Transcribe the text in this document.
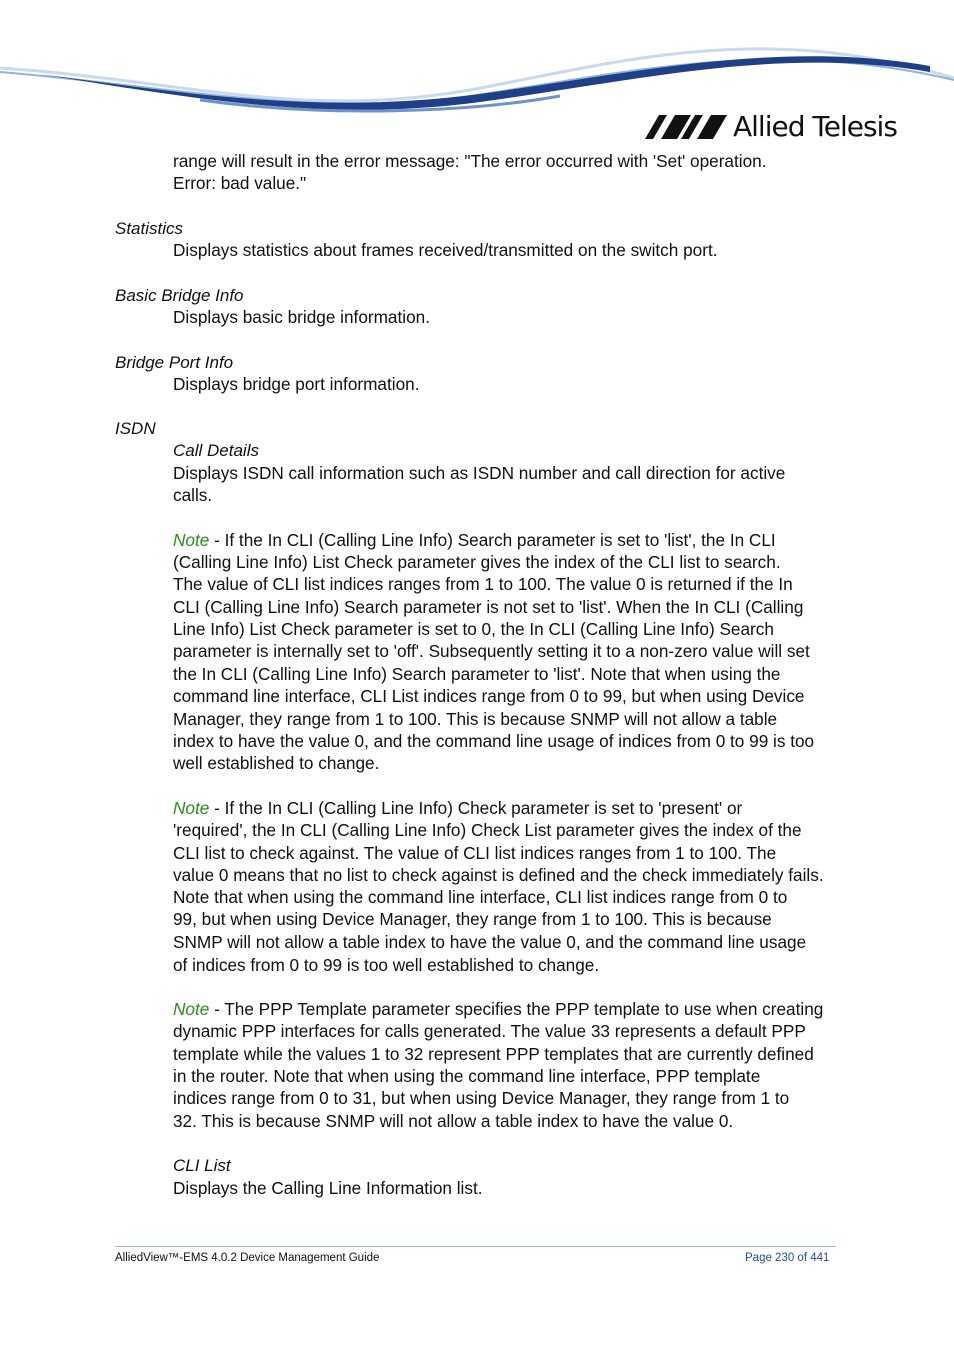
Allied Telesis
range will result in the error message: "The error occurred with 'Set' operation.
Error: bad value."
Statistics
Displays statistics about frames received/transmitted on the switch port.
Basic Bridge Info
Displays basic bridge information.
Bridge Port Info
Displays bridge port information.
ISDN
Call Details
Displays ISDN call information such as ISDN number and call direction for active
calls.
Note - If the In CLI (Calling Line Info) Search parameter is set to 'list', the In CLI
(Calling Line Info) List Check parameter gives the index of the CLI list to search.
The value of CLI list indices ranges from 1 to 100. The value 0 is returned if the In
CLI (Calling Line Info) Search parameter is not set to 'list'. When the In CLI (Calling
Line Info) List Check parameter is set to 0, the In CLI (Calling Line Info) Search
parameter is internally set to 'off'. Subsequently setting it to a non-zero value will set
the In CLI (Calling Line Info) Search parameter to 'list'. Note that when using the
command line interface, CLI List indices range from 0 to 99, but when using Device
Manager, they range from 1 to 100. This is because SNMP will not allow a table
index to have the value 0, and the command line usage of indices from 0 to 99 is too
well established to change.
Note - If the In CLI (Calling Line Info) Check parameter is set to 'present' or
'required', the In CLI (Calling Line Info) Check List parameter gives the index of the
CLI list to check against. The value of CLI list indices ranges from 1 to 100. The
value 0 means that no list to check against is defined and the check immediately fails.
Note that when using the command line interface, CLI list indices range from 0 to
99, but when using Device Manager, they range from 1 to 100. This is because
SNMP will not allow a table index to have the value 0, and the command line usage
of indices from 0 to 99 is too well established to change.
Note - The PPP Template parameter specifies the PPP template to use when creating
dynamic PPP interfaces for calls generated. The value 33 represents a default PPP
template while the values 1 to 32 represent PPP templates that are currently defined
in the router. Note that when using the command line interface, PPP template
indices range from 0 to 31, but when using Device Manager, they range from 1 to
32. This is because SNMP will not allow a table index to have the value 0.
CLI List
Displays the Calling Line Information list.
AlliedView™-EMS 4.0.2 Device Management Guide	Page 230 of 441
